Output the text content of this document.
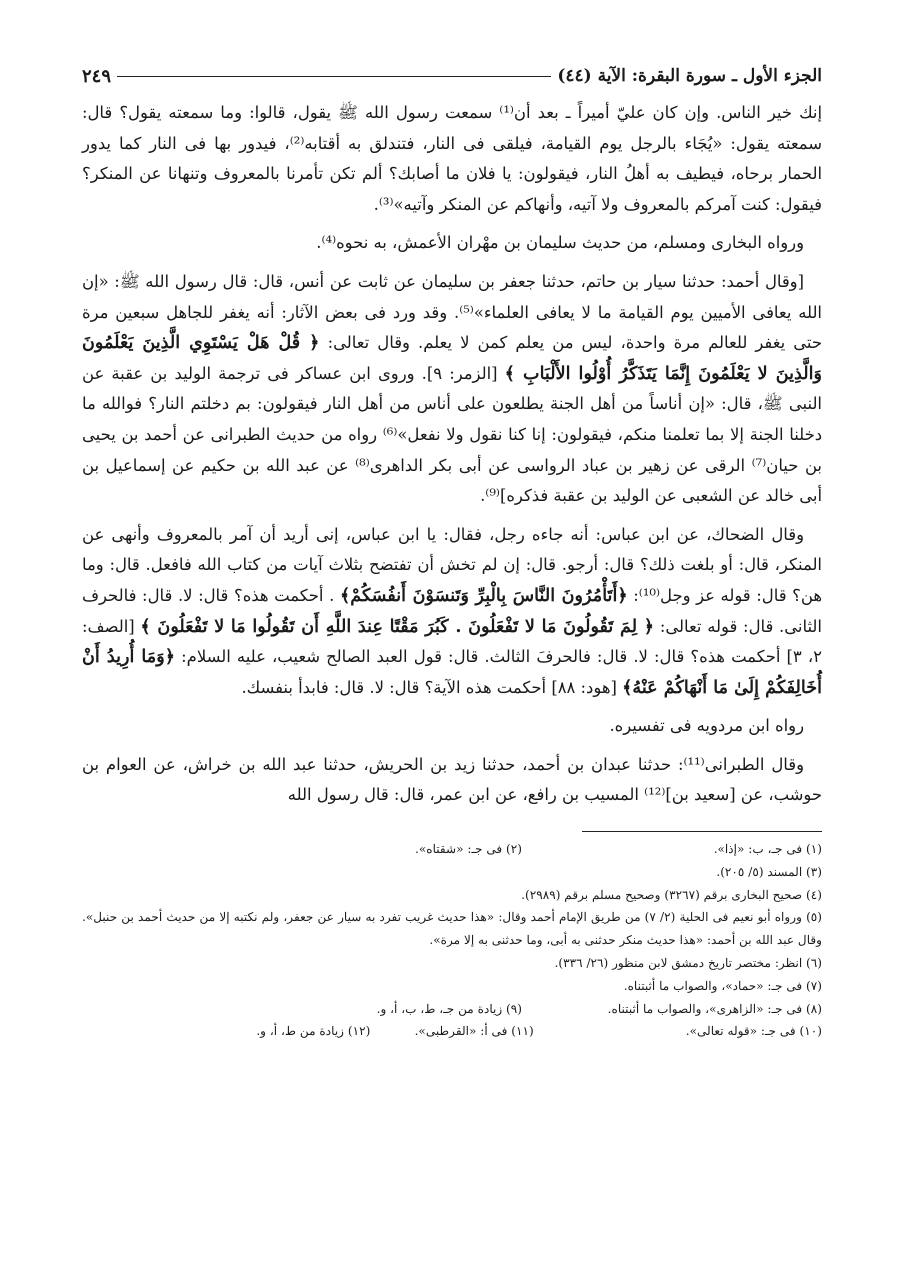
الجزء الأول ـ سورة البقرة: الآية (٤٤)
٢٤٩

إنك خير الناس. وإن كان عليّ أميراً ـ بعد أن⁽¹⁾ سمعت رسول الله ﷺ يقول، قالوا: وما سمعته يقول؟ قال: سمعته يقول: «يُجَاء بالرجل يوم القيامة، فيلقى فى النار، فتندلق به أقتابه⁽²⁾، فيدور بها فى النار كما يدور الحمار برحاه، فيطيف به أهلُ النار، فيقولون: يا فلان ما أصابك؟ ألم تكن تأمرنا بالمعروف وتنهانا عن المنكر؟ فيقول: كنت آمركم بالمعروف ولا آتيه، وأنهاكم عن المنكر وآتيه»⁽³⁾.

ورواه البخارى ومسلم، من حديث سليمان بن مهْران الأعمش، به نحوه⁽⁴⁾.

[وقال أحمد: حدثنا سيار بن حاتم، حدثنا جعفر بن سليمان عن ثابت عن أنس، قال: قال رسول الله ﷺ: «إن الله يعافى الأميين يوم القيامة ما لا يعافى العلماء»⁽⁵⁾. وقد ورد فى بعض الآثار: أنه يغفر للجاهل سبعين مرة حتى يغفر للعالم مرة واحدة، ليس من يعلم كمن لا يعلم. وقال تعالى: ﴿ قُلْ هَلْ يَسْتَوِي الَّذِينَ يَعْلَمُونَ وَالَّذِينَ لا يَعْلَمُونَ إِنَّمَا يَتَذَكَّرُ أُوْلُوا الأَلْبَابِ ﴾ [الزمر: ٩]. وروى ابن عساكر فى ترجمة الوليد بن عقبة عن النبى ﷺ، قال: «إن أناساً من أهل الجنة يطلعون على أناس من أهل النار فيقولون: بم دخلتم النار؟ فوالله ما دخلنا الجنة إلا بما تعلمنا منكم، فيقولون: إنا كنا نقول ولا نفعل»⁽⁶⁾ رواه من حديث الطبرانى عن أحمد بن يحيى بن حيان⁽⁷⁾ الرقى عن زهير بن عباد الرواسى عن أبى بكر الداهرى⁽⁸⁾ عن عبد الله بن حكيم عن إسماعيل بن أبى خالد عن الشعبى عن الوليد بن عقبة فذكره]⁽⁹⁾.

وقال الضحاك، عن ابن عباس: أنه جاءه رجل، فقال: يا ابن عباس، إنى أريد أن آمر بالمعروف وأنهى عن المنكر، قال: أو بلغت ذلك؟ قال: أرجو. قال: إن لم تخش أن تفتضح بثلاث آيات من كتاب الله فافعل. قال: وما هن؟ قال: قوله عز وجل⁽¹⁰⁾: ﴿أَتَأْمُرُونَ النَّاسَ بِالْبِرِّ وَتَنسَوْنَ أَنفُسَكُمْ﴾ . أحكمت هذه؟ قال: لا. قال: فالحرف الثانى. قال: قوله تعالى: ﴿ لِمَ تَقُولُونَ مَا لا تَفْعَلُونَ . كَبُرَ مَقْتًا عِندَ اللَّهِ أَن تَقُولُوا مَا لا تَفْعَلُونَ ﴾ [الصف: ٢، ٣] أحكمت هذه؟ قال: لا. قال: فالحرفَ الثالث. قال: قول العبد الصالح شعيب، عليه السلام: ﴿وَمَا أُرِيدُ أَنْ أُخَالِفَكُمْ إِلَىٰ مَا أَنْهَاكُمْ عَنْهُ﴾ [هود: ٨٨] أحكمت هذه الآية؟ قال: لا. قال: فابدأ بنفسك.

رواه ابن مردويه فى تفسيره.

وقال الطبرانى⁽¹¹⁾: حدثنا عبدان بن أحمد، حدثنا زيد بن الحريش، حدثنا عبد الله بن خراش، عن العوام بن حوشب، عن [سعيد بن]⁽¹²⁾ المسيب بن رافع، عن ابن عمر، قال: قال رسول الله

(١) فى جـ، ب: «إذا».
(٢) فى جـ: «شقتاه».

(٣) المسند (٥/ ٢٠٥).

(٤) صحيح البخارى برقم (٣٢٦٧) وصحيح مسلم برقم (٢٩٨٩).

(٥) ورواه أبو نعيم فى الحلية (٢/ ٧) من طريق الإمام أحمد وقال: «هذا حديث غريب تفرد به سيار عن جعفر، ولم نكتبه إلا من حديث أحمد بن حنبل». وقال عبد الله بن أحمد: «هذا حديث منكر حدثنى به أبى، وما حدثنى به إلا مرة».

(٦) انظر: مختصر تاريخ دمشق لابن منظور (٢٦/ ٣٣٦).

(٧) فى جـ: «حماد»، والصواب ما أثبتناه.

(٨) فى جـ: «الزاهرى»، والصواب ما أثبتناه.
(٩) زيادة من جـ، ط، ب، أ، و.
(١٠) فى جـ: «قوله تعالى».
(١١) فى أ: «القرطبى».
(١٢) زيادة من ط، أ، و.
